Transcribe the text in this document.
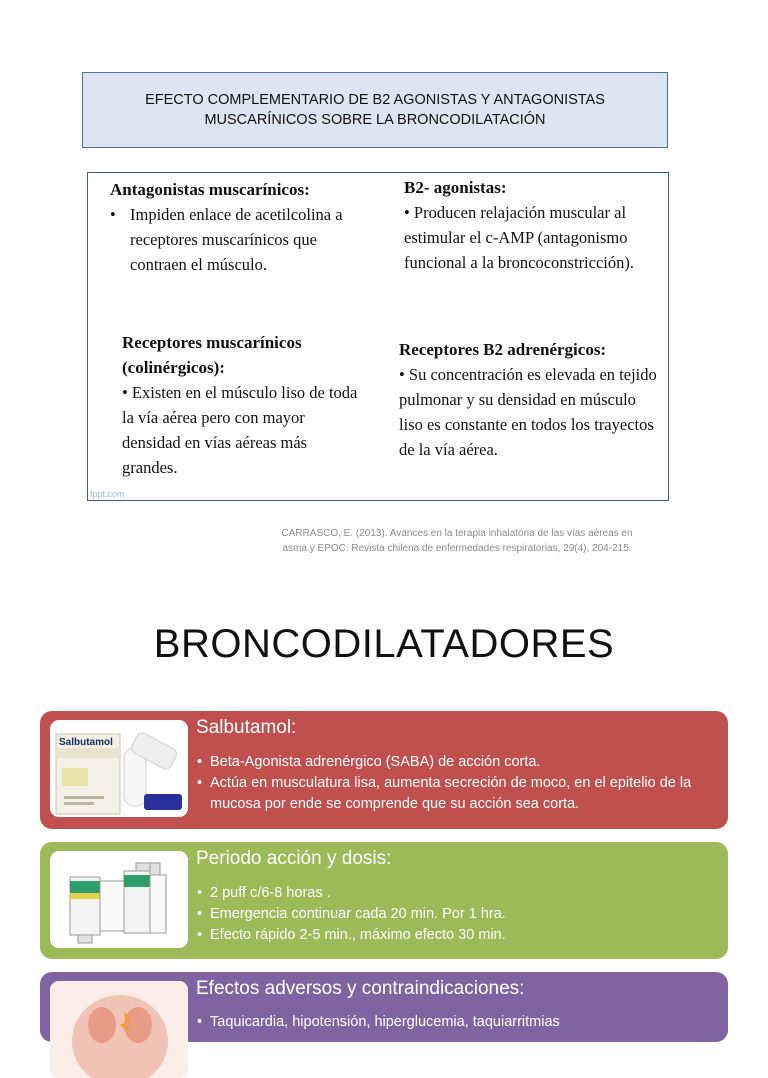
EFECTO COMPLEMENTARIO DE B2 AGONISTAS Y ANTAGONISTAS
MUSCARÍNICOS SOBRE LA BRONCODILATACIÓN
Antagonistas muscarínicos:
• Impiden enlace de acetilcolina a receptores muscarínicos que contraen el músculo.
B2- agonistas:
• Producen relajación muscular al estimular el c-AMP (antagonismo funcional a la broncoconstricción).
Receptores muscarínicos (colinérgicos):
• Existen en el músculo liso de toda la vía aérea pero con mayor densidad en vías aéreas más grandes.
Receptores B2 adrenérgicos:
• Su concentración es elevada en tejido pulmonar y su densidad en músculo liso es constante en todos los trayectos de la vía aérea.
fppt.com
CARRASCO, E. (2013). Avances en la terapia inhalatoria de las vías aéreas en asma y EPOC. Revista chilena de enfermedades respiratorias, 29(4), 204-215.
BRONCODILATADORES
Salbutamol
Salbutamol:
• Beta-Agonista adrenérgico (SABA) de acción corta.
• Actúa en musculatura lisa, aumenta secreción de moco, en el epitelio de la mucosa por ende se comprende que su acción sea corta.
Periodo acción y dosis:
• 2 puff c/6-8 horas .
• Emergencia continuar cada 20 min. Por 1 hra.
• Efecto rápido 2-5 min., máximo efecto 30 min.
Efectos adversos y contraindicaciones:
• Taquicardia, hipotensión, hiperglucemia, taquiarritmias
